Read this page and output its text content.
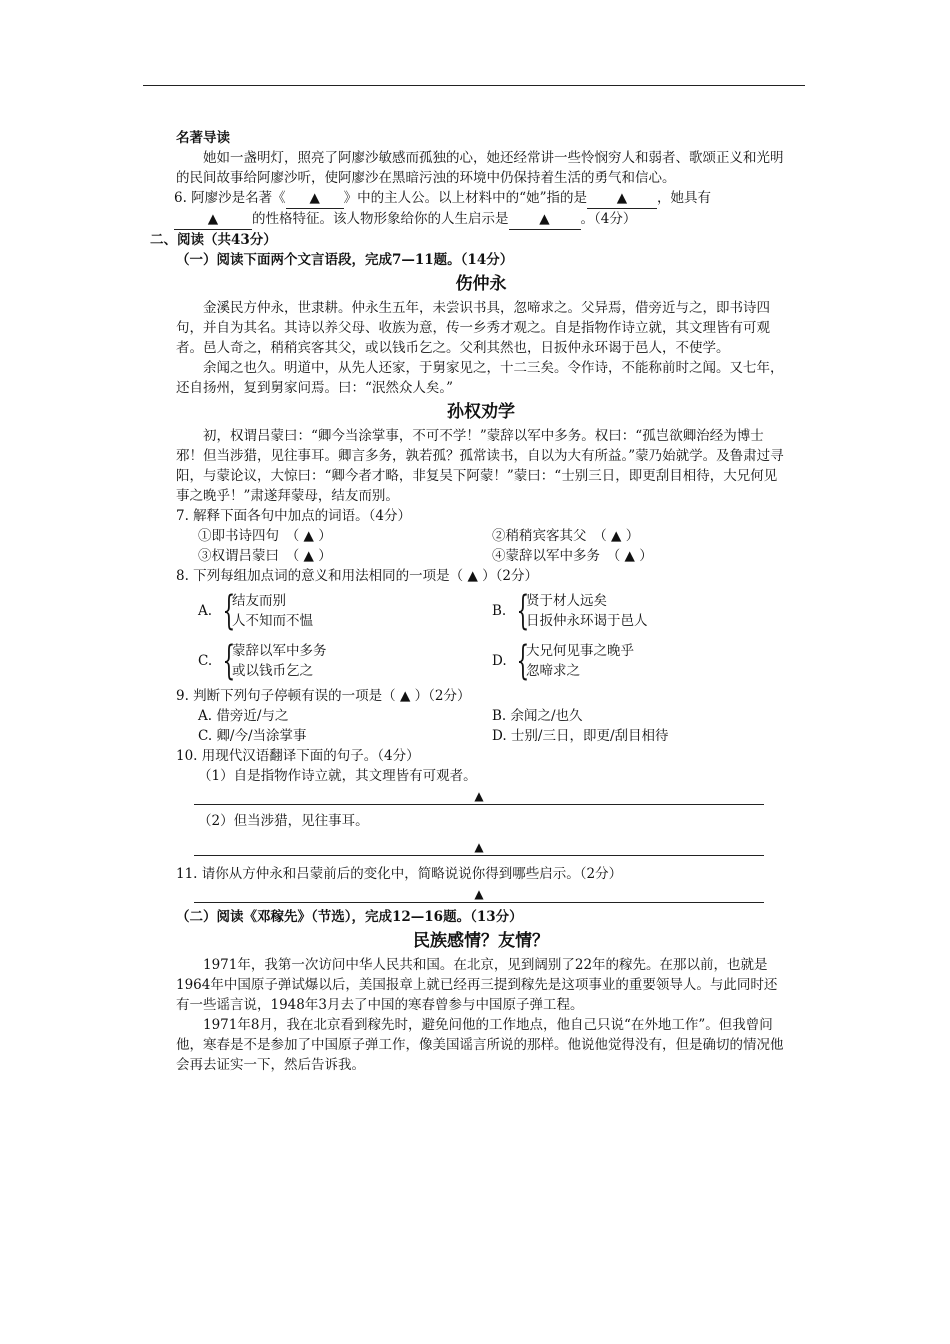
名著导读

她如一盏明灯，照亮了阿廖沙敏感而孤独的心，她还经常讲一些怜悯穷人和弱者、歌颂正义和光明的民间故事给阿廖沙听，使阿廖沙在黑暗污浊的环境中仍保持着生活的勇气和信心。

6. 阿廖沙是名著《 ▲ 》中的主人公。以上材料中的“她”指的是 ▲ ，她具有
▲	的性格特征。该人物形象给你的人生启示是 ▲ 。（4分）

二、阅读（共43分）

（一）阅读下面两个文言语段，完成7—11题。（14分）

伤仲永

金溪民方仲永，世隶耕。仲永生五年，未尝识书具，忽啼求之。父异焉，借旁近与之，即书诗四句，并自为其名。其诗以养父母、收族为意，传一乡秀才观之。自是指物作诗立就，其文理皆有可观者。邑人奇之，稍稍宾客其父，或以钱币乞之。父利其然也，日扳仲永环谒于邑人，不使学。

余闻之也久。明道中，从先人还家，于舅家见之，十二三矣。令作诗，不能称前时之闻。又七年，还自扬州，复到舅家问焉。曰：“泯然众人矣。”

孙权劝学

初，权谓吕蒙曰：“卿今当涂掌事，不可不学！”蒙辞以军中多务。权曰：“孤岂欲卿治经为博士邪！但当涉猎，见往事耳。卿言多务，孰若孤？孤常读书，自以为大有所益。”蒙乃始就学。及鲁肃过寻阳，与蒙论议，大惊曰：“卿今者才略，非复吴下阿蒙！”蒙曰：“士别三日，即更刮目相待，大兄何见事之晚乎！”肃遂拜蒙母，结友而别。

7. 解释下面各句中加点的词语。（4分）

①即书诗四句　 （ ▲ ）	②稍稍宾客其父　 （ ▲ ）
③权谓吕蒙曰　 （ ▲ ）	④蒙辞以军中多务　 （ ▲ ）

8. 下列每组加点词的意义和用法相同的一项是（ ▲ ）（2分）

A. {
结友而别
人不知而不愠
B. {
贤于材人远矣
日扳仲永环谒于邑人
C. {
蒙辞以军中多务
或以钱币乞之
D. {
大兄何见事之晚乎
忽啼求之

9. 判断下列句子停顿有误的一项是（ ▲ ）（2分）

A. 借旁近/与之	B. 余闻之/也久
C. 卿/今/当涂掌事	D. 士别/三日，即更/刮目相待

10. 用现代汉语翻译下面的句子。（4分）

（1）自是指物作诗立就，其文理皆有可观者。

▲

（2）但当涉猎，见往事耳。

▲

11. 请你从方仲永和吕蒙前后的变化中，简略说说你得到哪些启示。（2分）

▲

（二）阅读《邓稼先》（节选），完成12—16题。（13分）

民族感情？友情？

1971年，我第一次访问中华人民共和国。在北京，见到阔别了22年的稼先。在那以前，也就是1964年中国原子弹试爆以后，美国报章上就已经再三提到稼先是这项事业的重要领导人。与此同时还有一些谣言说，1948年3月去了中国的寒春曾参与中国原子弹工程。

1971年8月，我在北京看到稼先时，避免问他的工作地点，他自己只说“在外地工作”。但我曾问他，寒春是不是参加了中国原子弹工作，像美国谣言所说的那样。他说他觉得没有，但是确切的情况他会再去证实一下，然后告诉我。
